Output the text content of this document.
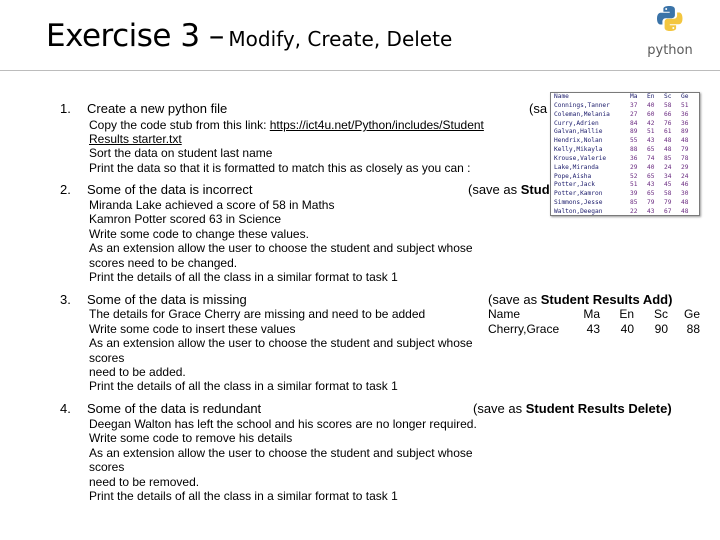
Exercise 3 – Modify, Create, Delete	python
1. Create a new python file	(sa
Copy the code stub from this link: https://ict4u.net/Python/includes/Student
Results starter.txt
Sort the data on student last name
Print the data so that it is formatted to match this as closely as you can :
2. Some of the data is incorrect	(save as Stud
Miranda Lake achieved a score of 58 in Maths
Kamron Potter scored 63 in Science
Write some code to change these values.
As an extension allow the user to choose the student and subject whose
scores need to be changed.
Print the details of all the class in a similar format to task 1
3. Some of the data is missing	(save as Student Results Add)
The details for Grace Cherry are missing and need to be added
Write some code to insert these values
As an extension allow the user to choose the student and subject whose
scores
need to be added.
Print the details of all the class in a similar format to task 1
4. Some of the data is redundant	(save as Student Results Delete)
Deegan Walton has left the school and his scores are no longer required.
Write some code to remove his details
As an extension allow the user to choose the student and subject whose
scores
need to be removed.
Print the details of all the class in a similar format to task 1
Name	Ma	En	Sc	Ge
Connings,Tanner	37	40	58	51
Coleman,Melania	27	60	66	36
Curry,Adrien	84	42	76	36
Galvan,Hallie	89	51	61	89
Hendrix,Nolan	55	43	48	48
Kelly,Mikayla	88	65	48	79
Krouse,Valerie	36	74	85	78
Lake,Miranda	29	40	24	29
Pope,Aisha	52	65	34	24
Potter,Jack	51	43	45	46
Potter,Kamron	39	65	58	30
Simmons,Jesse	85	79	79	48
Walton,Deegan	22	43	67	48
Name	Ma	En	Sc	Ge
Cherry,Grace	43	40	90	88
